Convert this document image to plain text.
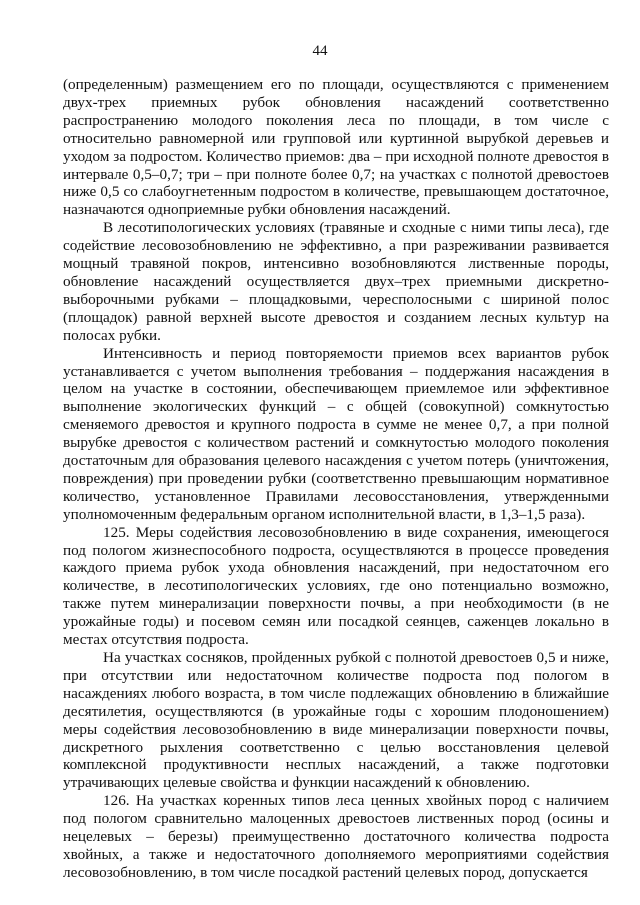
44

(определенным) размещением его по площади, осуществляются с применением двух-трех приемных рубок обновления насаждений соответственно распространению молодого поколения леса по площади, в том числе с относительно равномерной или групповой или куртинной вырубкой деревьев и уходом за подростом. Количество приемов: два – при исходной полноте древостоя в интервале 0,5–0,7; три – при полноте более 0,7; на участках с полнотой древостоев ниже 0,5 со слабоугнетенным подростом в количестве, превышающем достаточное, назначаются одноприемные рубки обновления насаждений.

В лесотипологических условиях (травяные и сходные с ними типы леса), где содействие лесовозобновлению не эффективно, а при разреживании развивается мощный травяной покров, интенсивно возобновляются лиственные породы, обновление насаждений осуществляется двух–трех приемными дискретно-выборочными рубками – площадковыми, чересполосными с шириной полос (площадок) равной верхней высоте древостоя и созданием лесных культур на полосах рубки.

Интенсивность и период повторяемости приемов всех вариантов рубок устанавливается с учетом выполнения требования – поддержания насаждения в целом на участке в состоянии, обеспечивающем приемлемое или эффективное выполнение экологических функций – с общей (совокупной) сомкнутостью сменяемого древостоя и крупного подроста в сумме не менее 0,7, а при полной вырубке древостоя с количеством растений и сомкнутостью молодого поколения достаточным для образования целевого насаждения с учетом потерь (уничтожения, повреждения) при проведении рубки (соответственно превышающим нормативное количество, установленное Правилами лесовосстановления, утвержденными уполномоченным федеральным органом исполнительной власти, в 1,3–1,5 раза).

125. Меры содействия лесовозобновлению в виде сохранения, имеющегося под пологом жизнеспособного подроста, осуществляются в процессе проведения каждого приема рубок ухода обновления насаждений, при недостаточном его количестве, в лесотипологических условиях, где оно потенциально возможно, также путем минерализации поверхности почвы, а при необходимости (в не урожайные годы) и посевом семян или посадкой сеянцев, саженцев локально в местах отсутствия подроста.

На участках сосняков, пройденных рубкой с полнотой древостоев 0,5 и ниже, при отсутствии или недостаточном количестве подроста под пологом в насаждениях любого возраста, в том числе подлежащих обновлению в ближайшие десятилетия, осуществляются (в урожайные годы с хорошим плодоношением) меры содействия лесовозобновлению в виде минерализации поверхности почвы, дискретного рыхления соответственно с целью восстановления целевой комплексной продуктивности несплых насаждений, а также подготовки утрачивающих целевые свойства и функции насаждений к обновлению.

126. На участках коренных типов леса ценных хвойных пород с наличием под пологом сравнительно малоценных древостоев лиственных пород (осины и нецелевых – березы) преимущественно достаточного количества подроста хвойных, а также и недостаточного дополняемого мероприятиями содействия лесовозобновлению, в том числе посадкой растений целевых пород, допускается
